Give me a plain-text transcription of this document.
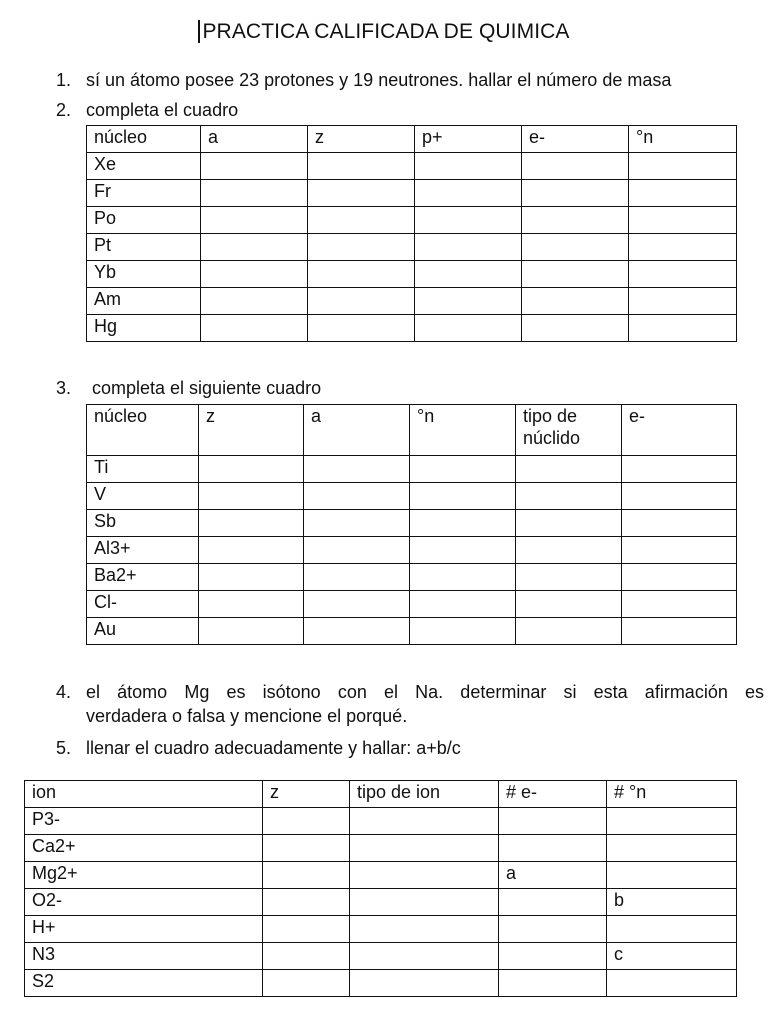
PRACTICA CALIFICADA DE QUIMICA
1. sí un átomo posee 23 protones y 19 neutrones. hallar el número de masa
2. completa el cuadro
núcleo	a	z	p+	e-	°n
Xe					
Fr					
Po					
Pt					
Yb					
Am					
Hg					
3.	completa el siguiente cuadro
núcleo	z	a	°n	tipo de núclido	e-
Ti					
V					
Sb					
Al3+					
Ba2+					
Cl-					
Au					
4. el átomo Mg es isótono con el Na. determinar si esta afirmación es
verdadera o falsa y mencione el porqué.
5. llenar el cuadro adecuadamente y hallar: a+b/c
ion	z	tipo de ion	# e-	# °n
P3-				
Ca2+				
Mg2+			a	
O2-				b
H+				
N3				c
S2				
